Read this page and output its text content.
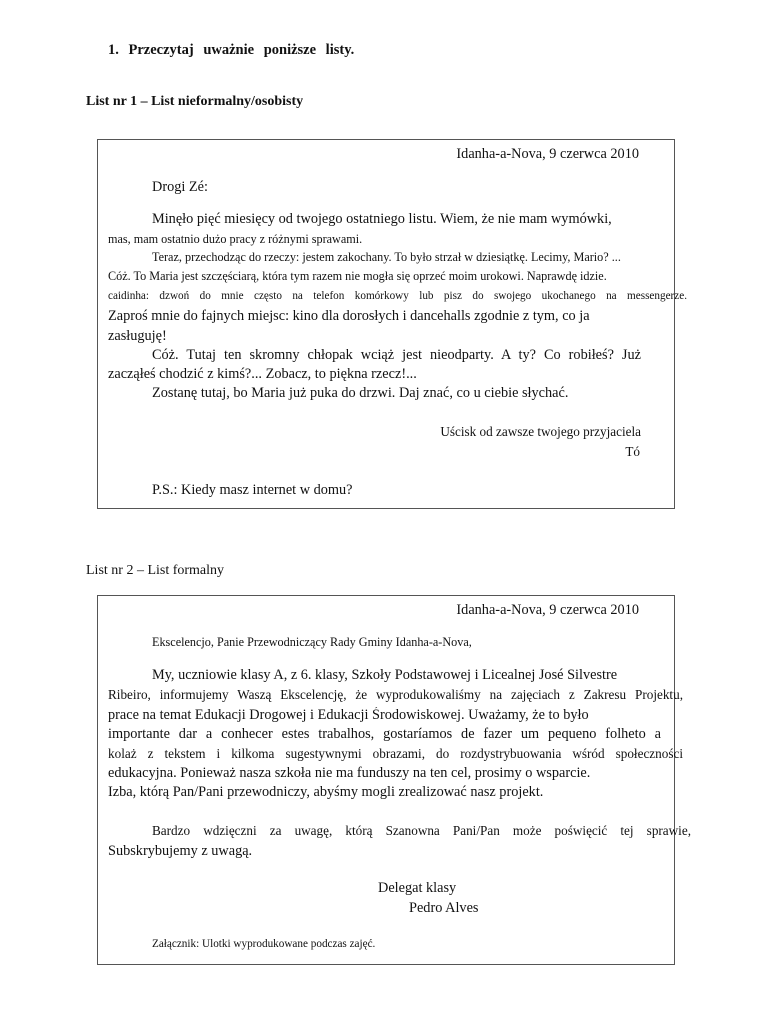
1. Przeczytaj uważnie poniższe listy.
List nr 1 – List nieformalny/osobisty
Idanha-a-Nova, 9 czerwca 2010
Drogi Zé:
Minęło pięć miesięcy od twojego ostatniego listu. Wiem, że nie mam wymówki,
mas, mam ostatnio dużo pracy z różnymi sprawami.
Teraz, przechodząc do rzeczy: jestem zakochany. To było strzał w dziesiątkę. Lecimy, Mario? ...
Cóż. To Maria jest szczęściarą, która tym razem nie mogła się oprzeć moim urokowi. Naprawdę idzie.
caidinha: dzwoń do mnie często na telefon komórkowy lub pisz do swojego ukochanego na messengerze.
Zaproś mnie do fajnych miejsc: kino dla dorosłych i dancehalls zgodnie z tym, co ja
zasługuję!
Cóż. Tutaj ten skromny chłopak wciąż jest nieodparty. A ty? Co robiłeś? Już
zacząłeś chodzić z kimś?... Zobacz, to piękna rzecz!...
Zostanę tutaj, bo Maria już puka do drzwi. Daj znać, co u ciebie słychać.
Uścisk od zawsze twojego przyjaciela
Tó
P.S.: Kiedy masz internet w domu?
List nr 2 – List formalny
Idanha-a-Nova, 9 czerwca 2010
Ekscelencjo, Panie Przewodniczący Rady Gminy Idanha-a-Nova,
My, uczniowie klasy A, z 6. klasy, Szkoły Podstawowej i Licealnej José Silvestre
Ribeiro, informujemy Waszą Ekscelencję, że wyprodukowaliśmy na zajęciach z Zakresu Projektu,
prace na temat Edukacji Drogowej i Edukacji Środowiskowej. Uważamy, że to było
importante dar a conhecer estes trabalhos, gostaríamos de fazer um pequeno folheto a
kolaż z tekstem i kilkoma sugestywnymi obrazami, do rozdystrybuowania wśród społeczności
edukacyjna. Ponieważ nasza szkoła nie ma funduszy na ten cel, prosimy o wsparcie.
Izba, którą Pan/Pani przewodniczy, abyśmy mogli zrealizować nasz projekt.
Bardzo wdzięczni za uwagę, którą Szanowna Pani/Pan może poświęcić tej sprawie,
Subskrybujemy z uwagą.
Delegat klasy
Pedro Alves
Załącznik: Ulotki wyprodukowane podczas zajęć.
